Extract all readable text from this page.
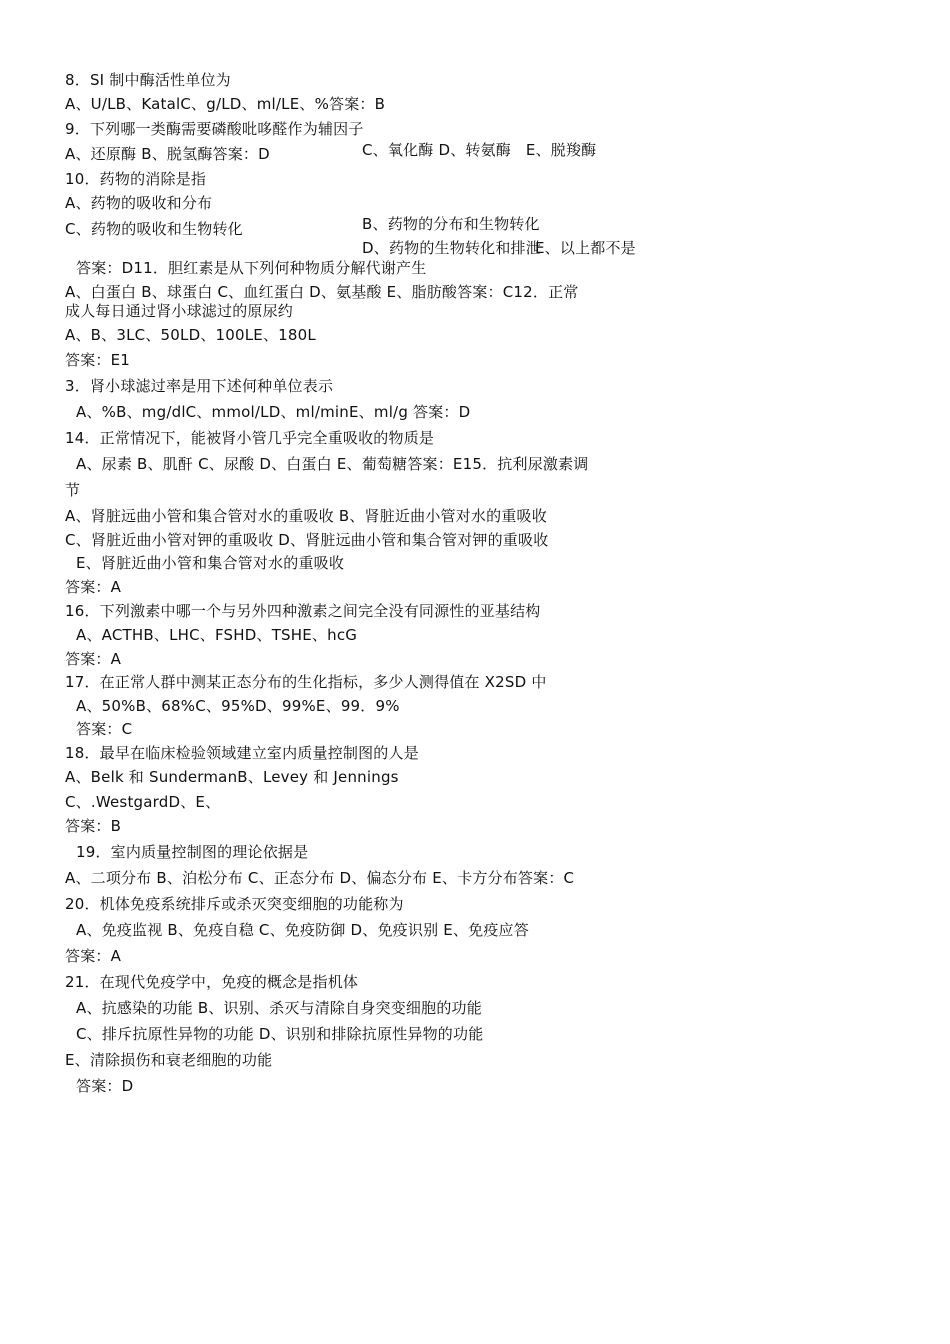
8．SI 制中酶活性单位为
A、U/LB、KatalC、g/LD、ml/LE、%答案：B
9．下列哪一类酶需要磷酸吡哆醛作为辅因子
A、还原酶 B、脱氢酶答案：D	C、氧化酶 D、转氨酶   E、脱羧酶
10．药物的消除是指
A、药物的吸收和分布
B、药物的分布和生物转化
C、药物的吸收和生物转化
D、药物的生物转化和排泄
E、以上都不是
答案：D11．胆红素是从下列何种物质分解代谢产生
A、白蛋白 B、球蛋白 C、血红蛋白 D、氨基酸 E、脂肪酸答案：C12．正常
成人每日通过肾小球滤过的原尿约
A、B、3LC、50LD、100LE、180L
答案：E1
3．肾小球滤过率是用下述何种单位表示
A、%B、mg/dlC、mmol/LD、ml/minE、ml/g 答案：D
14．正常情况下，能被肾小管几乎完全重吸收的物质是
A、尿素 B、肌酐 C、尿酸 D、白蛋白 E、葡萄糖答案：E15．抗利尿激素调
节
A、肾脏远曲小管和集合管对水的重吸收 B、肾脏近曲小管对水的重吸收
C、肾脏近曲小管对钾的重吸收 D、肾脏远曲小管和集合管对钾的重吸收
E、肾脏近曲小管和集合管对水的重吸收
答案：A
16．下列激素中哪一个与另外四种激素之间完全没有同源性的亚基结构
A、ACTHB、LHC、FSHD、TSHE、hcG
答案：A
17．在正常人群中测某正态分布的生化指标，多少人测得值在 X2SD 中
A、50%B、68%C、95%D、99%E、99．9%
答案：C
18．最早在临床检验领域建立室内质量控制图的人是
A、Belk 和 SundermanB、Levey 和 Jennings
C、.WestgardD、E、
答案：B
19．室内质量控制图的理论依据是
A、二项分布 B、泊松分布 C、正态分布 D、偏态分布 E、卡方分布答案：C
20．机体免疫系统排斥或杀灭突变细胞的功能称为
A、免疫监视 B、免疫自稳 C、免疫防御 D、免疫识别 E、免疫应答
答案：A
21．在现代免疫学中，免疫的概念是指机体
A、抗感染的功能 B、识别、杀灭与清除自身突变细胞的功能
C、排斥抗原性异物的功能 D、识别和排除抗原性异物的功能
E、清除损伤和衰老细胞的功能
答案：D
